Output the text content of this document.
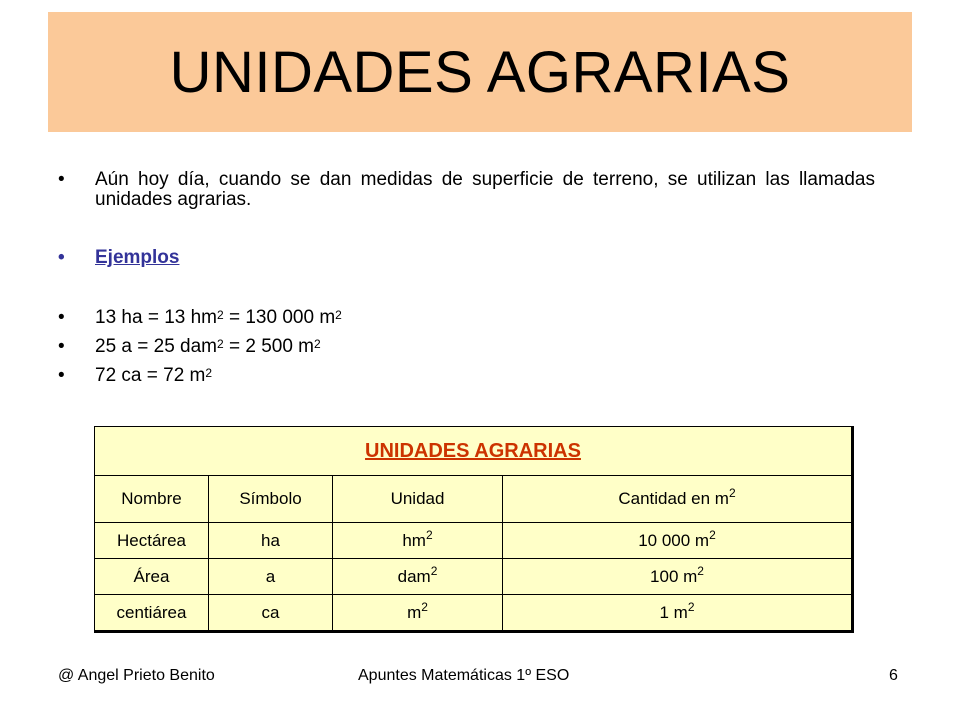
UNIDADES AGRARIAS
• Aún hoy día, cuando se dan medidas de superficie de terreno, se utilizan las llamadas unidades agrarias.
• Ejemplos
• 13 ha = 13 $hm^2 = 130$ 000 $m^2$
• 25 a = 25 dam$^2$ = 2 500 $m^2$
• 72 ca = 72 $m^2$
UNIDADES AGRARIAS			
Nombre	Símbolo	Unidad	Cantidad en $m^2$
Hectárea	ha	$hm^2$	10 000 $m^2$
Área	a	dam$^2$	100 $m^2$
centiárea	ca	$m^2$	1 $m^2$
@ Angel Prieto Benito	Apuntes Matemáticas 1º ESO	6
